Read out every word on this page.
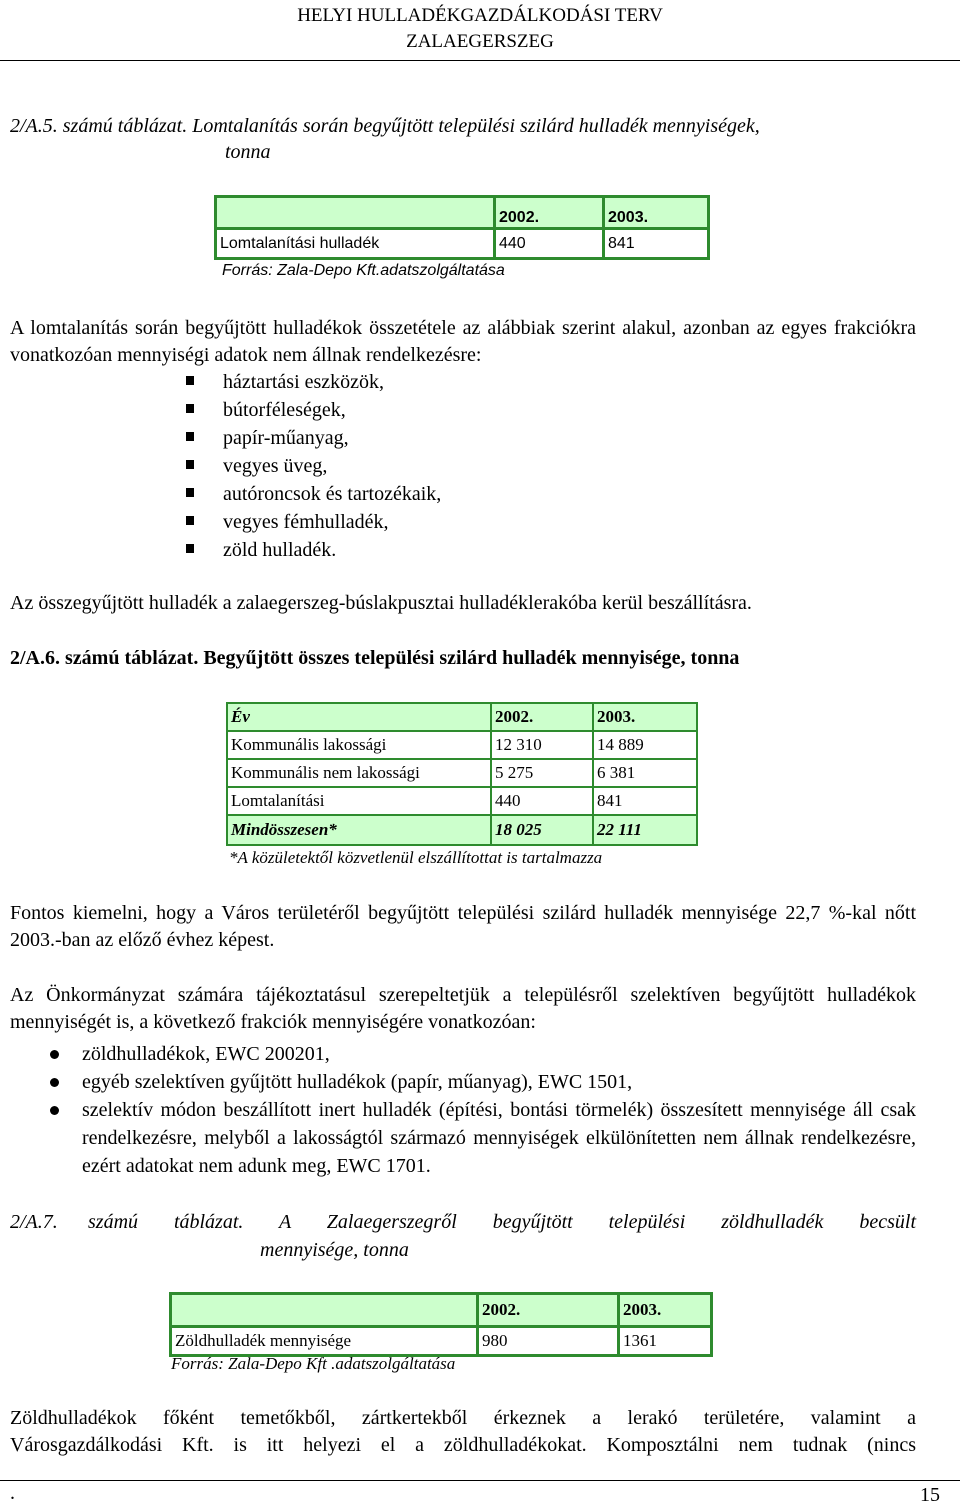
HELYI HULLADÉKGAZDÁLKODÁSI TERV
ZALAEGERSZEG
2/A.5. számú táblázat. Lomtalanítás során begyűjtött települési szilárd hulladék mennyiségek,
tonna
	2002.	2003.
Lomtalanítási hulladék	440	841
Forrás: Zala-Depo Kft.adatszolgáltatása
A lomtalanítás során begyűjtött hulladékok összetétele az alábbiak szerint alakul, azonban az egyes frakciókra vonatkozóan mennyiségi adatok nem állnak rendelkezésre:
háztartási eszközök,
bútorféleségek,
papír-műanyag,
vegyes üveg,
autóroncsok és tartozékaik,
vegyes fémhulladék,
zöld hulladék.
Az összegyűjtött hulladék a zalaegerszeg-búslakpusztai hulladéklerakóba kerül beszállításra.
2/A.6. számú táblázat. Begyűjtött összes települési szilárd hulladék mennyisége, tonna
Év	2002.	2003.
Kommunális lakossági	12 310	14 889
Kommunális nem lakossági	5 275	6 381
Lomtalanítási	440	841
Mindösszesen*	18 025	22 111
*A közületektől közvetlenül elszállítottat is tartalmazza
Fontos kiemelni, hogy a Város területéről begyűjtött települési szilárd hulladék mennyisége 22,7 %-kal nőtt 2003.-ban az előző évhez képest.
Az Önkormányzat számára tájékoztatásul szerepeltetjük a településről szelektíven begyűjtött hulladékok mennyiségét is, a következő frakciók mennyiségére vonatkozóan:
zöldhulladékok, EWC 200201,
egyéb szelektíven gyűjtött hulladékok (papír, műanyag), EWC 1501,
szelektív módon beszállított inert hulladék (építési, bontási törmelék) összesített mennyisége áll csak rendelkezésre, melyből a lakosságtól származó mennyiségek elkülönítetten nem állnak rendelkezésre, ezért adatokat nem adunk meg, EWC 1701.
2/A.7.	számú táblázat. A Zalaegerszegről begyűjtött települési zöldhulladék becsült
mennyisége, tonna
	2002.	2003.
Zöldhulladék mennyisége	980	1361
Forrás: Zala-Depo Kft .adatszolgáltatása
Zöldhulladékok főként temetőkből, zártkertekből érkeznek a lerakó területére, valamint a
Városgazdálkodási Kft. is itt helyezi el a zöldhulladékokat. Komposztálni nem tudnak (nincs
.	15
